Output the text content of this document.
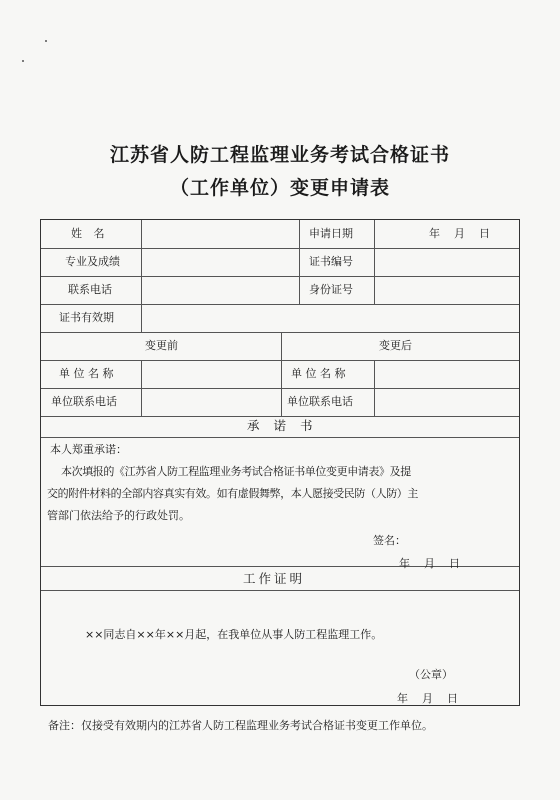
江苏省人防工程监理业务考试合格证书
（工作单位）变更申请表
姓 名	申请日期	年    月    日
专业及成绩	证书编号
联系电话	身份证号
证书有效期
变更前	变更后
单 位 名 称	单 位 名 称
单位联系电话	单位联系电话
承 诺 书
本人郑重承诺：
本次填报的《江苏省人防工程监理业务考试合格证书单位变更申请表》及提
交的附件材料的全部内容真实有效。如有虚假舞弊，本人愿接受民防（人防）主
管部门依法给予的行政处罚。
签名：
年    月    日
工作证明
××同志自××年××月起，在我单位从事人防工程监理工作。
（公章）
年    月    日
备注：仅接受有效期内的江苏省人防工程监理业务考试合格证书变更工作单位。
